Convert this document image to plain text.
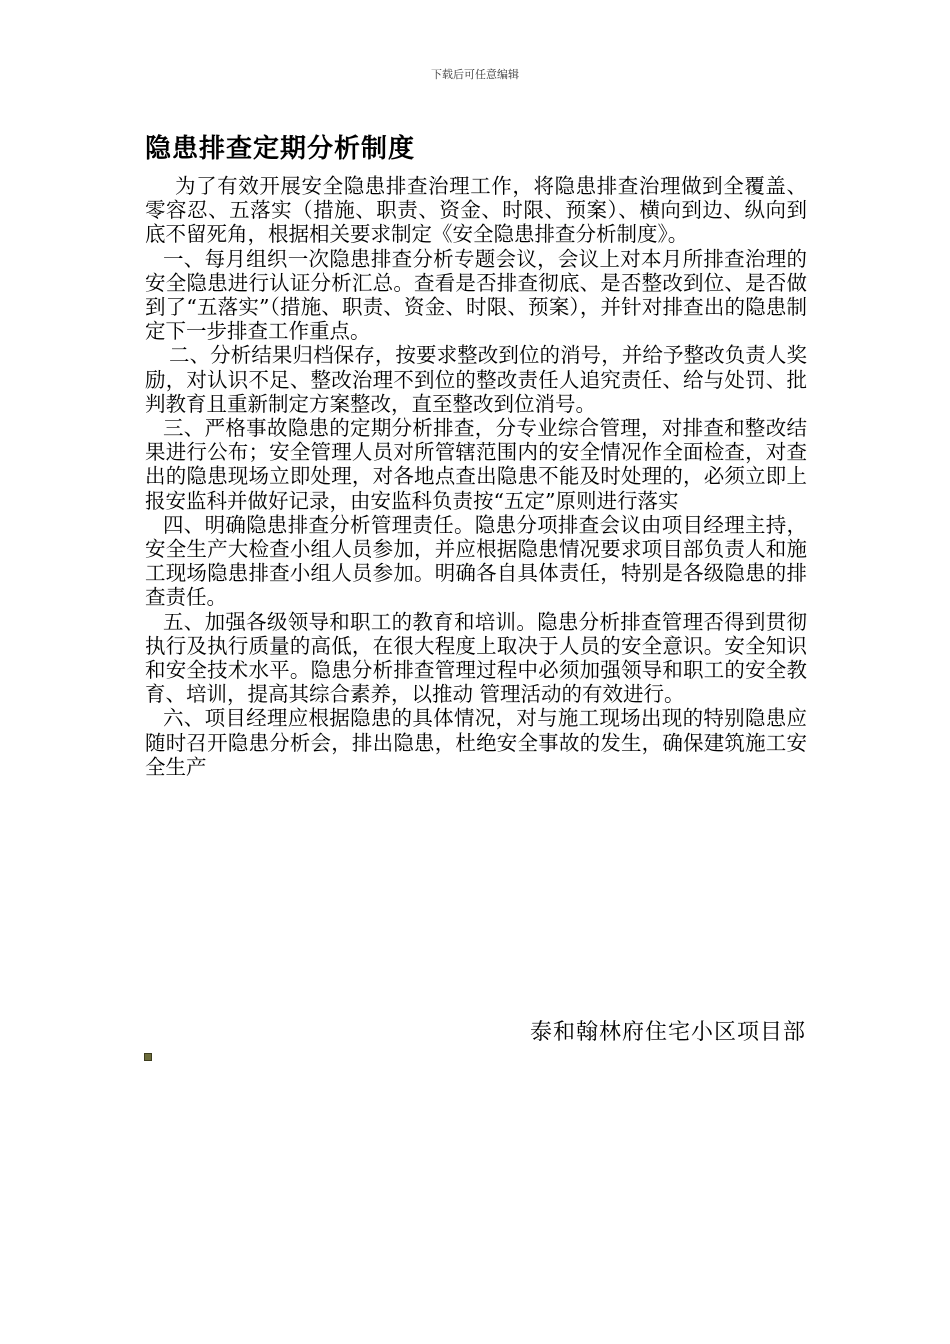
下载后可任意编辑
隐患排查定期分析制度

为了有效开展安全隐患排查治理工作，将隐患排查治理做到全覆盖、零容忍、五落实（措施、职责、资金、时限、预案）、横向到边、纵向到底不留死角，根据相关要求制定《安全隐患排查分析制度》。

一、每月组织一次隐患排查分析专题会议，会议上对本月所排查治理的安全隐患进行认证分析汇总。查看是否排查彻底、是否整改到位、是否做到了“五落实”（措施、职责、资金、时限、预案），并针对排查出的隐患制定下一步排查工作重点。

二、分析结果归档保存，按要求整改到位的消号，并给予整改负责人奖励，对认识不足、整改治理不到位的整改责任人追究责任、给与处罚、批判教育且重新制定方案整改，直至整改到位消号。

三、严格事故隐患的定期分析排查，分专业综合管理，对排查和整改结果进行公布；安全管理人员对所管辖范围内的安全情况作全面检查，对查出的隐患现场立即处理，对各地点查出隐患不能及时处理的，必须立即上报安监科并做好记录，由安监科负责按“五定”原则进行落实

四、明确隐患排查分析管理责任。隐患分项排查会议由项目经理主持，安全生产大检查小组人员参加，并应根据隐患情况要求项目部负责人和施工现场隐患排查小组人员参加。明确各自具体责任，特别是各级隐患的排查责任。

五、加强各级领导和职工的教育和培训。隐患分析排查管理否得到贯彻执行及执行质量的高低，在很大程度上取决于人员的安全意识。安全知识和安全技术水平。隐患分析排查管理过程中必须加强领导和职工的安全教育、培训，提高其综合素养，以推动 管理活动的有效进行。

六、项目经理应根据隐患的具体情况，对与施工现场出现的特别隐患应随时召开隐患分析会，排出隐患，杜绝安全事故的发生，确保建筑施工安全生产

泰和翰林府住宅小区项目部
